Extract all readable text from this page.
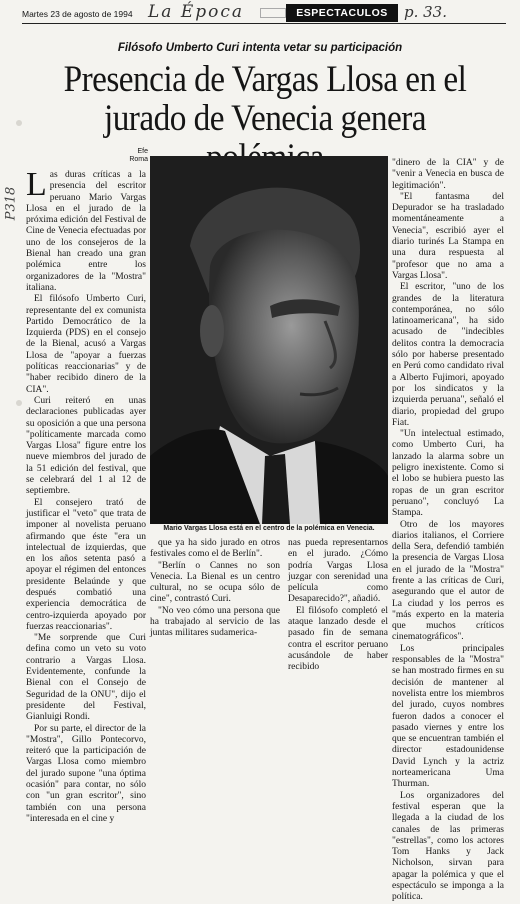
Martes 23 de agosto de 1994 La Época	ESPECTACULOS	p. 33.
Filósofo Umberto Curi intenta vetar su participación
Presencia de Vargas Llosa en el jurado de Venecia genera
P318
Efe Roma

Las duras críticas a la presencia del escritor peruano Mario Vargas Llosa en el jurado de la próxima edición del Festival de Cine de Venecia efectuadas por uno de los consejeros de la Bienal han creado una gran polémica entre los organizadores de la "Mostra" italiana.

El filósofo Umberto Curi, representante del ex comunista Partido Democrático de la Izquierda (PDS) en el consejo de la Bienal, acusó a Vargas Llosa de "apoyar a fuerzas políticas reaccionarias" y de "haber recibido dinero de la CIA".

Curi reiteró en unas declaraciones publicadas ayer su oposición a que una persona "políticamente marcada como Vargas Llosa" figure entre los nueve miembros del jurado de la 51 edición del festival, que se celebrará del 1 al 12 de septiembre.

El consejero trató de justificar el "veto" que trata de imponer al novelista peruano afirmando que éste "era un intelectual de izquierdas, que en los años setenta pasó a apoyar el régimen del entonces presidente Belaúnde y que después combatió una experiencia democrática de centro-izquierda apoyado por fuerzas reaccionarias".

"Me sorprende que Curi defina como un veto su voto contrario a Vargas Llosa. Evidentemente, confunde la Bienal con el Consejo de Seguridad de la ONU", dijo el presidente del Festival, Gianluigi Rondi.

Por su parte, el director de la "Mostra", Gillo Pontecorvo, reiteró que la participación de Vargas Llosa como miembro del jurado supone "una óptima ocasión" para contar, no sólo con "un gran escritor", sino también con una persona "interesada en el cine y

Mario Vargas Llosa está en el centro de la polémica en Venecia.

que ya ha sido jurado en otros festivales como el de Berlín".

"Berlín o Cannes no son Venecia. La Bienal es un centro cultural, no se ocupa sólo de cine", contrastó Curi.

"No veo cómo una persona que ha trabajado al servicio de las juntas militares sudamerica-

nas pueda representarnos en el jurado. ¿Cómo podría Vargas Llosa juzgar con serenidad una película como Desaparecido?", añadió.

El filósofo completó el ataque lanzado desde el pasado fin de semana contra el escritor peruano acusándole de haber recibido

"dinero de la CIA" y de "venir a Venecia en busca de legitimación".

"El fantasma del Depurador se ha trasladado momentáneamente a Venecia", escribió ayer el diario turinés La Stampa en una dura respuesta al "profesor que no ama a Vargas Llosa".

El escritor, "uno de los grandes de la literatura contemporánea, no sólo latinoamericana", ha sido acusado de "indecibles delitos contra la democracia sólo por haberse presentado en Perú como candidato rival a Alberto Fujimori, apoyado por los sindicatos y la izquierda peruana", señaló el diario, propiedad del grupo Fiat.

"Un intelectual estimado, como Umberto Curi, ha lanzado la alarma sobre un peligro inexistente. Como si el lobo se hubiera puesto las ropas de un gran escritor peruano", concluyó La Stampa.

Otro de los mayores diarios italianos, el Corriere della Sera, defendió también la presencia de Vargas Llosa en el jurado de la "Mostra" frente a las críticas de Curi, asegurando que el autor de La ciudad y los perros es "más experto en la materia que muchos críticos cinematográficos".

Los principales responsables de la "Mostra" se han mostrado firmes en su decisión de mantener al novelista entre los miembros del jurado, cuyos nombres fueron dados a conocer el pasado viernes y entre los que se encuentran también el director estadounidense David Lynch y la actriz norteamericana Uma Thurman.

Los organizadores del festival esperan que la llegada a la ciudad de los canales de las primeras "estrellas", como los actores Tom Hanks y Jack Nicholson, sirvan para apagar la polémica y que el espectáculo se imponga a la política.
